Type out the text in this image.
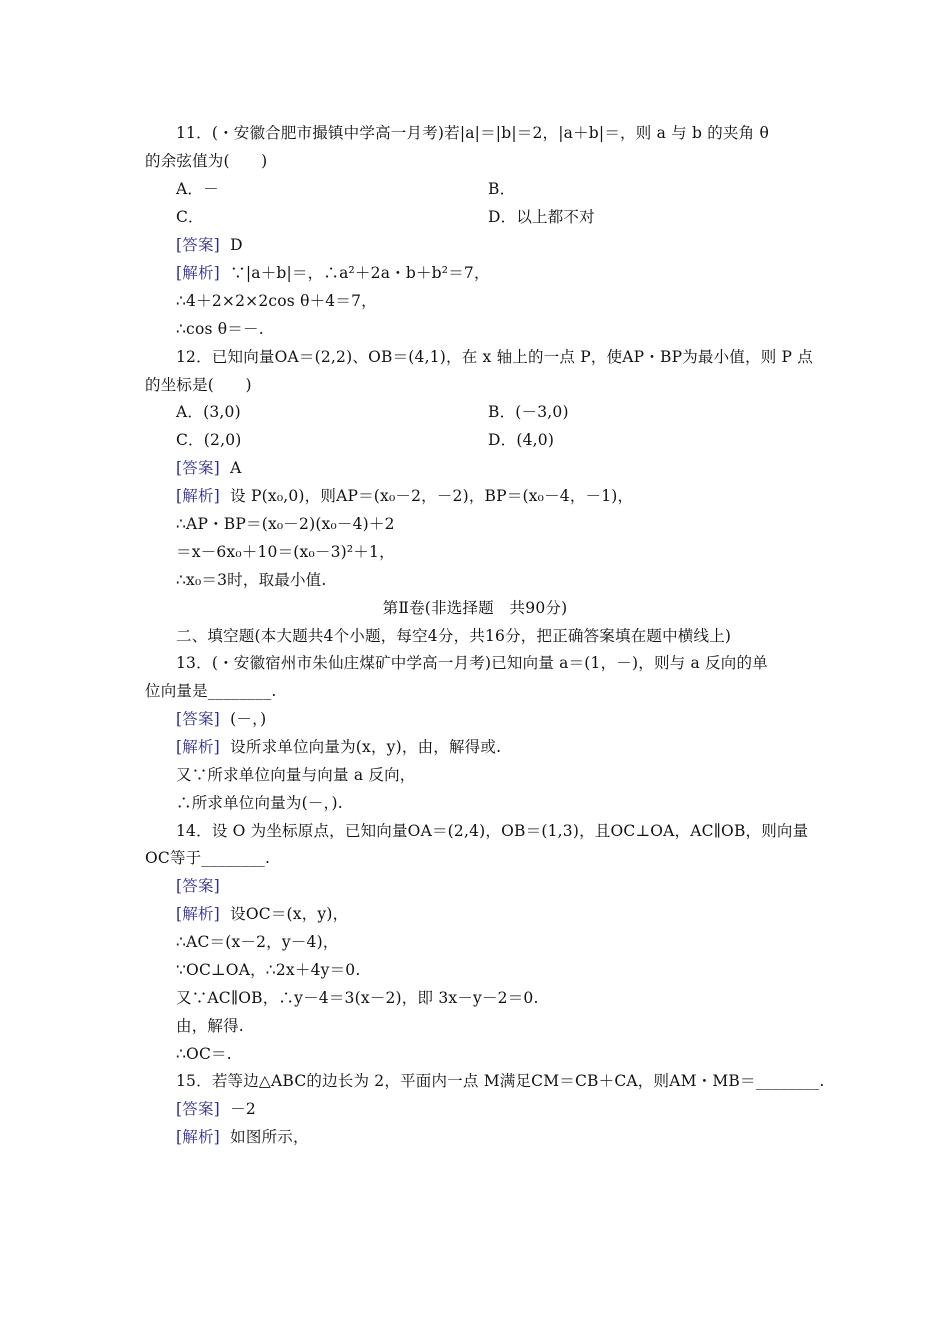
11．(・安徽合肥市撮镇中学高一月考)若|a|＝|b|＝2，|a＋b|＝，则 a 与 b 的夹角 θ
的余弦值为(　　)
A．－	B．
C．	D．以上都不对
[答案] D
[解析] ∵|a＋b|＝，∴a²＋2a・b＋b²＝7，
∴4＋2×2×2cos θ＋4＝7，
∴cos θ＝－.
12．已知向量OA＝(2,2)、OB＝(4,1)，在 x 轴上的一点 P，使AP・BP为最小值，则 P 点
的坐标是(　　)
A．(3,0)	B．(－3,0)
C．(2,0)	D．(4,0)
[答案] A
[解析] 设 P(x₀,0)，则AP＝(x₀－2，－2)，BP＝(x₀－4，－1)，
∴AP・BP＝(x₀－2)(x₀－4)＋2
＝x－6x₀＋10＝(x₀－3)²＋1，
∴x₀＝3时，取最小值.
第Ⅱ卷(非选择题　共90分)
二、填空题(本大题共4个小题，每空4分，共16分，把正确答案填在题中横线上)
13．(・安徽宿州市朱仙庄煤矿中学高一月考)已知向量 a＝(1，－)，则与 a 反向的单
位向量是________.
[答案] (－，)
[解析] 设所求单位向量为(x，y)，由，解得或.
又∵所求单位向量与向量 a 反向，
∴所求单位向量为(－，).
14．设 O 为坐标原点，已知向量OA＝(2,4)，OB＝(1,3)，且OC⊥OA，AC∥OB，则向量
OC等于________.
[答案]
[解析] 设OC＝(x，y)，
∴AC＝(x－2，y－4)，
∵OC⊥OA，∴2x＋4y＝0.
又∵AC∥OB，∴y－4＝3(x－2)，即 3x－y－2＝0.
由，解得.
∴OC＝.
15．若等边△ABC的边长为 2，平面内一点 M满足CM＝CB＋CA，则AM・MB＝________.
[答案] －2
[解析] 如图所示，
